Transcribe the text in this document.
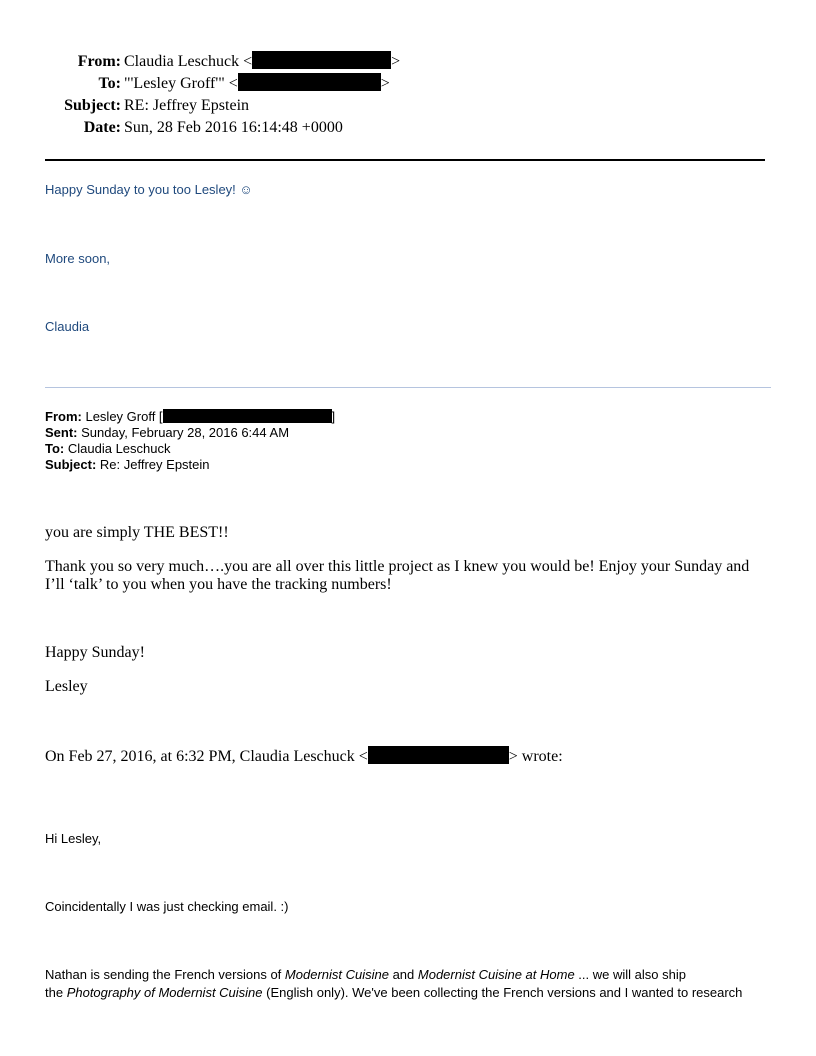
From: Claudia Leschuck <	>
To: "'Lesley Groff'" <	>
Subject: RE: Jeffrey Epstein
Date: Sun, 28 Feb 2016 16:14:48 +0000
Happy Sunday to you too Lesley! ☺
More soon,
Claudia
From: Lesley Groff [	]
Sent: Sunday, February 28, 2016 6:44 AM
To: Claudia Leschuck
Subject: Re: Jeffrey Epstein
you are simply THE BEST!!
Thank you so very much….you are all over this little project as I knew you would be! Enjoy your Sunday and
I’ll ‘talk’ to you when you have the tracking numbers!
Happy Sunday!
Lesley
On Feb 27, 2016, at 6:32 PM, Claudia Leschuck <	> wrote:
Hi Lesley,
Coincidentally I was just checking email. :)
Nathan is sending the French versions of Modernist Cuisine and Modernist Cuisine at Home ... we will also ship
the Photography of Modernist Cuisine (English only). We've been collecting the French versions and I wanted to research
